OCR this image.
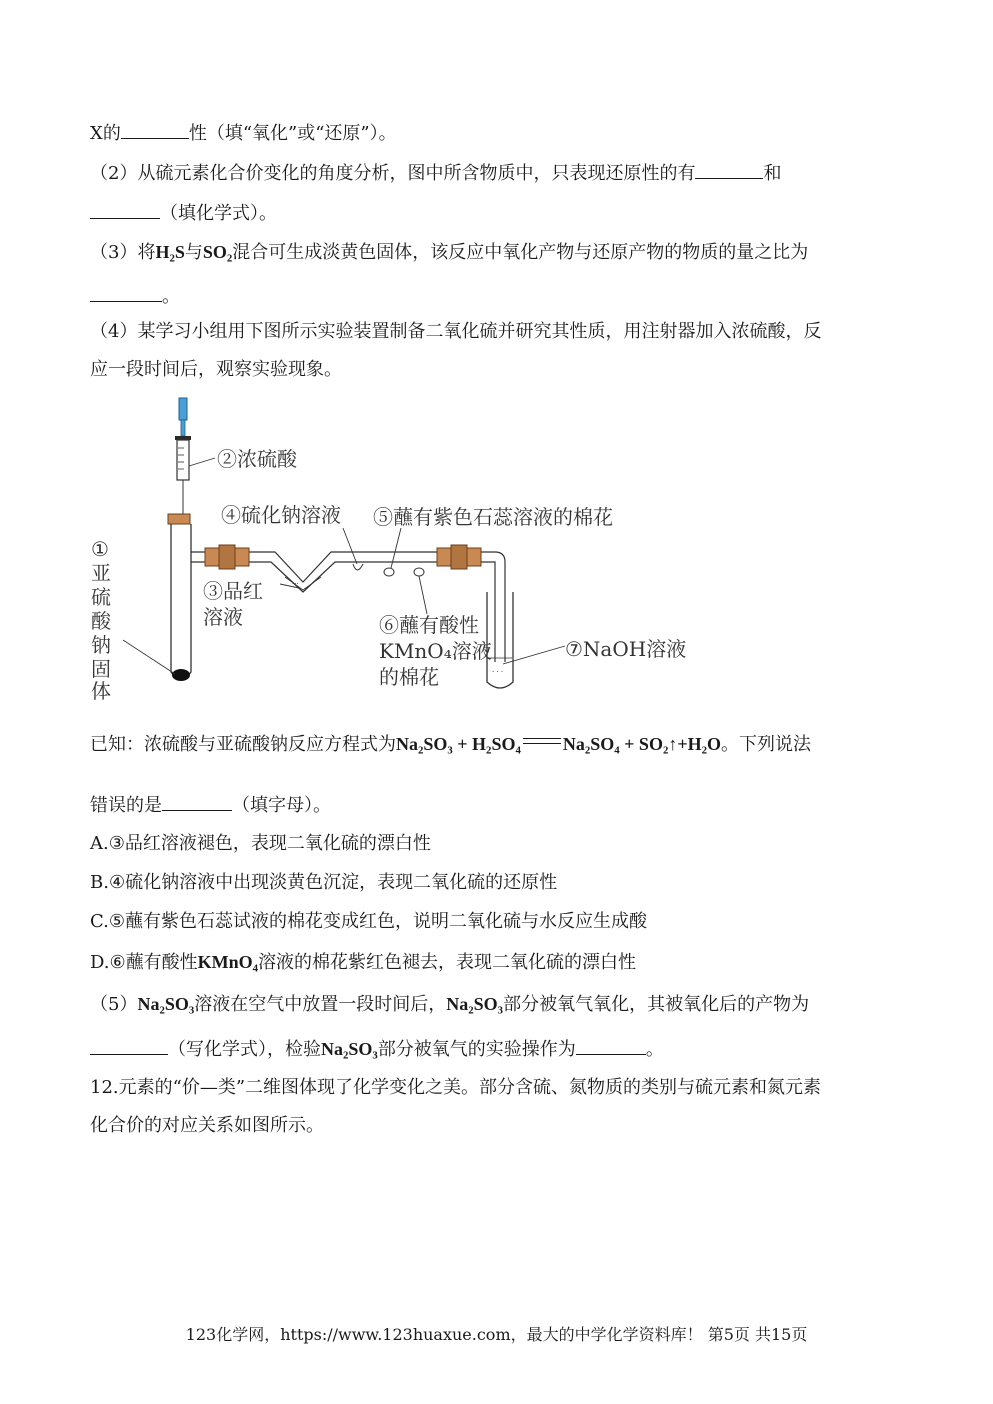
X的	性（填“氧化”或“还原”）。
（2）从硫元素化合价变化的角度分析，图中所含物质中，只表现还原性的有	和
（填化学式）。
（3）将H₂S与SO₂混合可生成淡黄色固体，该反应中氧化产物与还原产物的物质的量之比为
。
（4）某学习小组用下图所示实验装置制备二氧化硫并研究其性质，用注射器加入浓硫酸，反
应一段时间后，观察实验现象。
···
· · ·
②浓硫酸
④硫化钠溶液 ⑤蘸有紫色石蕊溶液的棉花
①
亚
硫
酸
钠
固
体
③品红
溶液	⑥蘸有酸性
KMnO₄溶液
的棉花
⑦NaOH溶液
已知：浓硫酸与亚硫酸钠反应方程式为Na₂SO₃ + H₂SO₄ Na₂SO₄ + SO₂↑+H₂O。下列说法
错误的是	（填字母）。
A.③品红溶液褪色，表现二氧化硫的漂白性
B.④硫化钠溶液中出现淡黄色沉淀，表现二氧化硫的还原性
C.⑤蘸有紫色石蕊试液的棉花变成红色，说明二氧化硫与水反应生成酸
D.⑥蘸有酸性KMnO₄溶液的棉花紫红色褪去，表现二氧化硫的漂白性
（5）Na₂SO₃溶液在空气中放置一段时间后，Na₂SO₃部分被氧气氧化，其被氧化后的产物为
（写化学式），检验Na₂SO₃部分被氧气的实验操作为	。
12.元素的“价—类”二维图体现了化学变化之美。部分含硫、氮物质的类别与硫元素和氮元素
化合价的对应关系如图所示。
123化学网，https://www.123huaxue.com，最大的中学化学资料库！ 第5页 共15页
